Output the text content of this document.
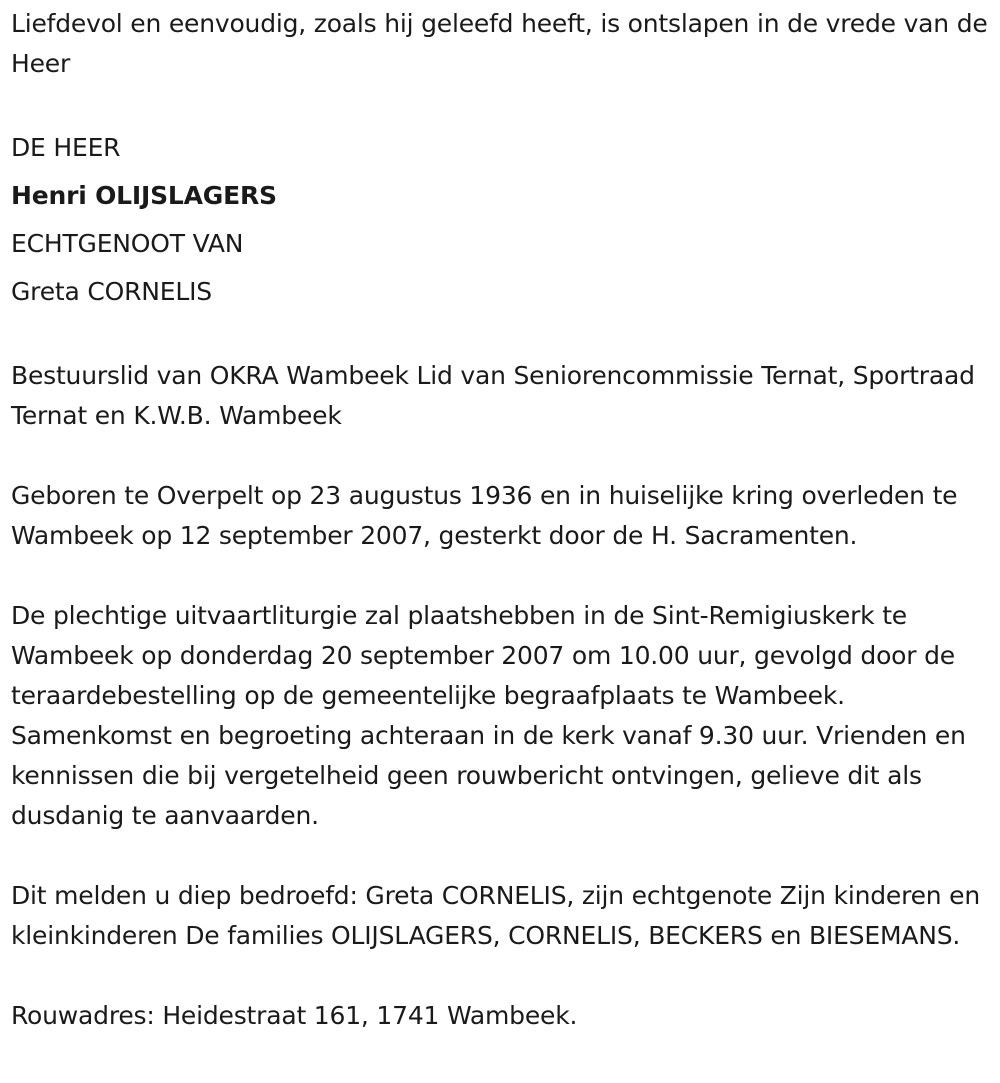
Liefdevol en eenvoudig, zoals hij geleefd heeft, is ontslapen in de vrede van de Heer

DE HEER

Henri OLIJSLAGERS

ECHTGENOOT VAN

Greta CORNELIS

Bestuurslid van OKRA Wambeek Lid van Seniorencommissie Ternat, Sportraad Ternat en K.W.B. Wambeek

Geboren te Overpelt op 23 augustus 1936 en in huiselijke kring overleden te Wambeek op 12 september 2007, gesterkt door de H. Sacramenten.

De plechtige uitvaartliturgie zal plaatshebben in de Sint-Remigiuskerk te Wambeek op donderdag 20 september 2007 om 10.00 uur, gevolgd door de teraardebestelling op de gemeentelijke begraafplaats te Wambeek. Samenkomst en begroeting achteraan in de kerk vanaf 9.30 uur. Vrienden en kennissen die bij vergetelheid geen rouwbericht ontvingen, gelieve dit als dusdanig te aanvaarden.

Dit melden u diep bedroefd: Greta CORNELIS, zijn echtgenote Zijn kinderen en kleinkinderen De families OLIJSLAGERS, CORNELIS, BECKERS en BIESEMANS.

Rouwadres: Heidestraat 161, 1741 Wambeek.
